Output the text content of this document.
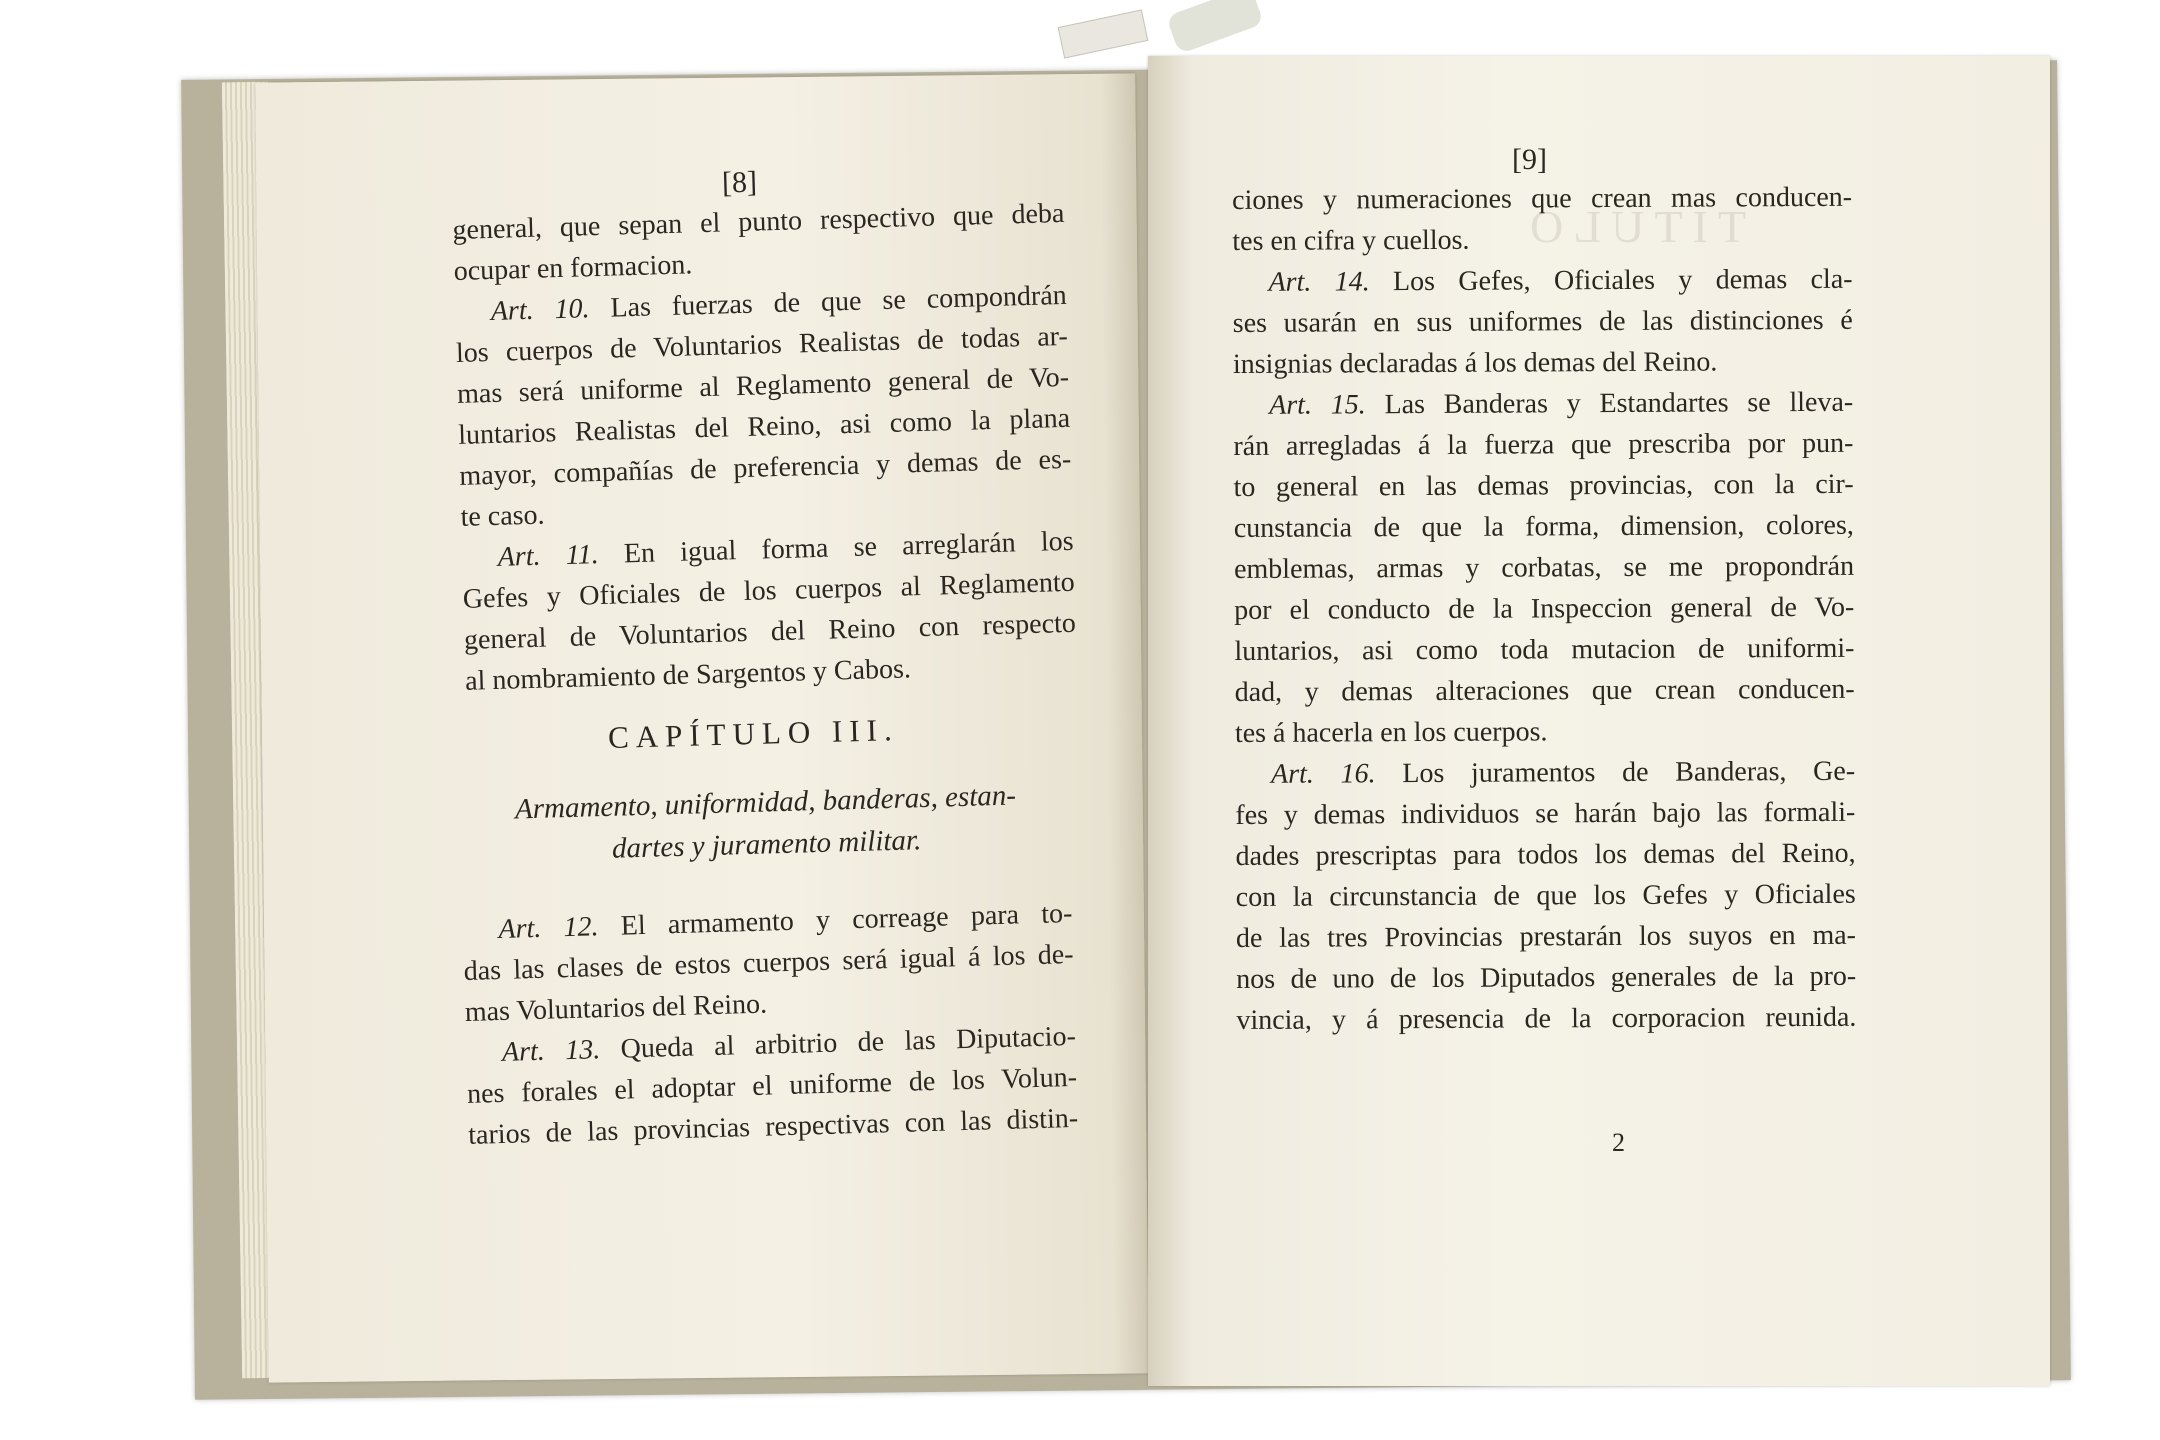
TITULO
[8]
general, que sepan el punto respectivo que deba
ocupar en formacion.
Art. 10. Las fuerzas de que se compondrán
los cuerpos de Voluntarios Realistas de todas ar-
mas será uniforme al Reglamento general de Vo-
luntarios Realistas del Reino, asi como la plana
mayor, compañías de preferencia y demas de es-
te caso.
Art. 11. En igual forma se arreglarán los
Gefes y Oficiales de los cuerpos al Reglamento
general de Voluntarios del Reino con respecto
al nombramiento de Sargentos y Cabos.
CAPÍTULO III.
Armamento, uniformidad, banderas, estan-
dartes y juramento militar.
Art. 12. El armamento y correage para to-
das las clases de estos cuerpos será igual á los de-
mas Voluntarios del Reino.
Art. 13. Queda al arbitrio de las Diputacio-
nes forales el adoptar el uniforme de los Volun-
tarios de las provincias respectivas con las distin-
[9]
ciones y numeraciones que crean mas conducen-
tes en cifra y cuellos.
Art. 14. Los Gefes, Oficiales y demas cla-
ses usarán en sus uniformes de las distinciones é
insignias declaradas á los demas del Reino.
Art. 15. Las Banderas y Estandartes se lleva-
rán arregladas á la fuerza que prescriba por pun-
to general en las demas provincias, con la cir-
cunstancia de que la forma, dimension, colores,
emblemas, armas y corbatas, se me propondrán
por el conducto de la Inspeccion general de Vo-
luntarios, asi como toda mutacion de uniformi-
dad, y demas alteraciones que crean conducen-
tes á hacerla en los cuerpos.
Art. 16. Los juramentos de Banderas, Ge-
fes y demas individuos se harán bajo las formali-
dades prescriptas para todos los demas del Reino,
con la circunstancia de que los Gefes y Oficiales
de las tres Provincias prestarán los suyos en ma-
nos de uno de los Diputados generales de la pro-
vincia, y á presencia de la corporacion reunida.
2
